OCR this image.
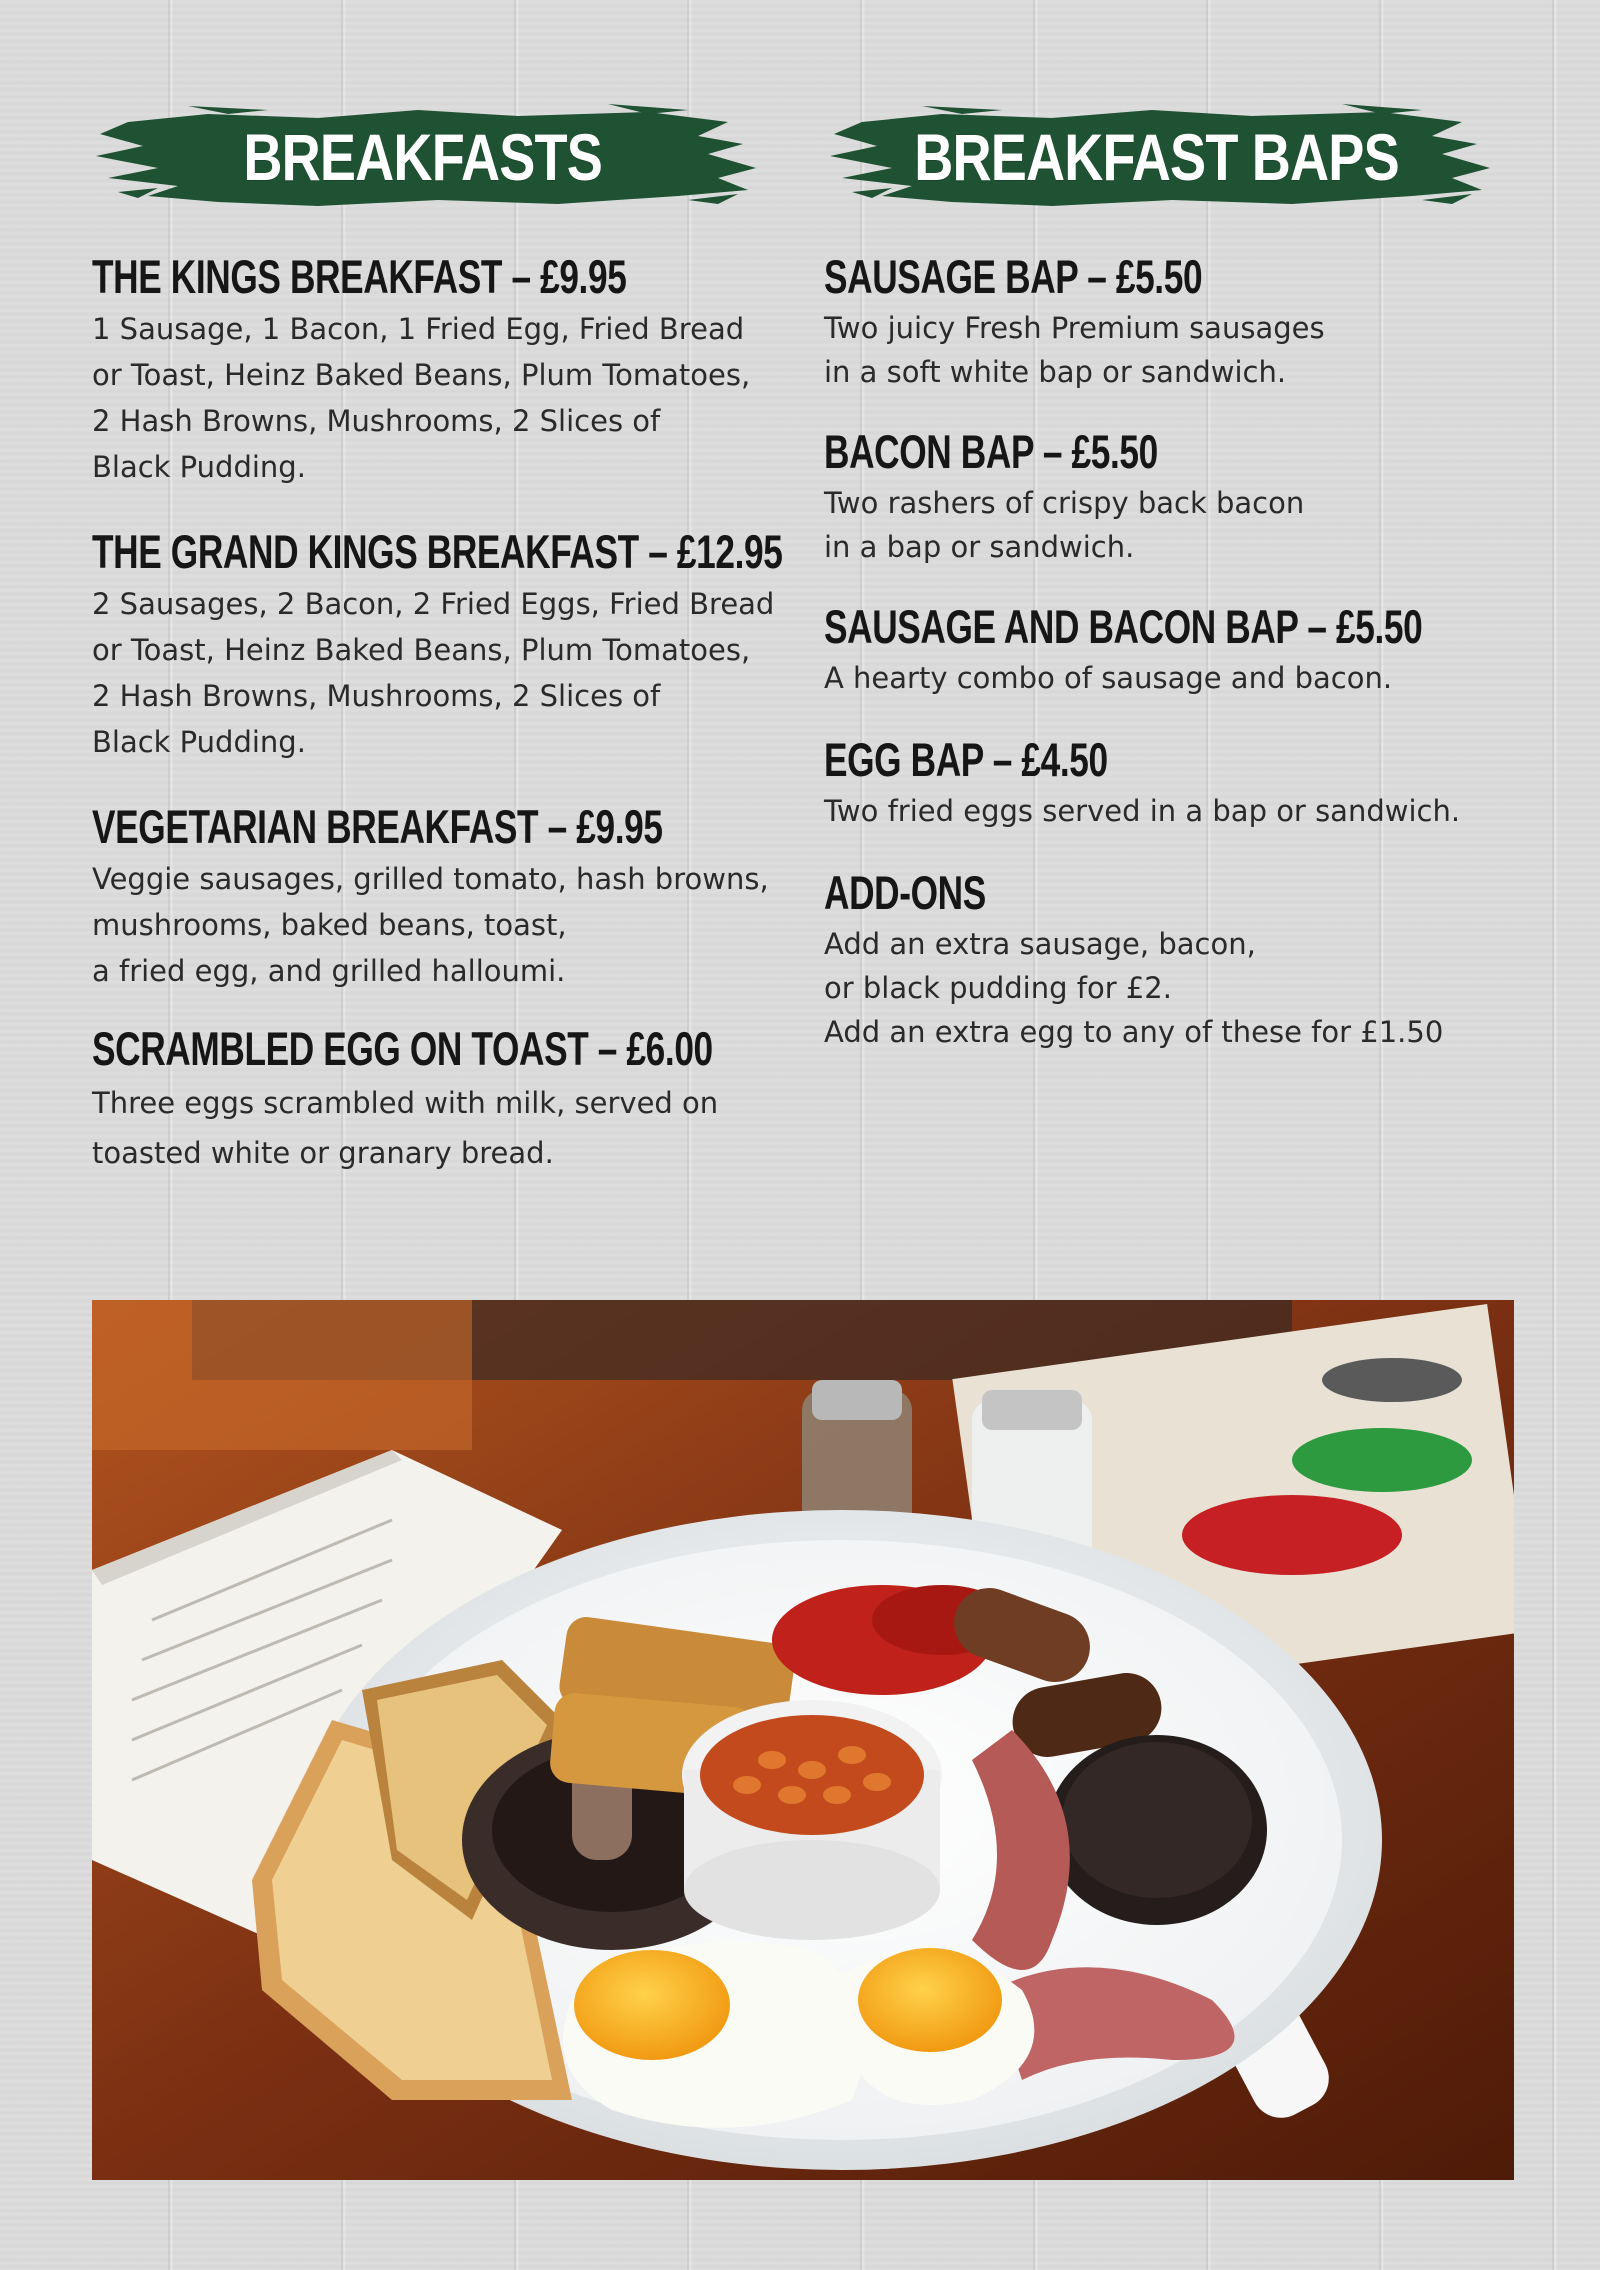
BREAKFASTS	BREAKFAST BAPS
THE KINGS BREAKFAST – £9.95
1 Sausage, 1 Bacon, 1 Fried Egg, Fried Bread
or Toast, Heinz Baked Beans, Plum Tomatoes,
2 Hash Browns, Mushrooms, 2 Slices of
Black Pudding.
THE GRAND KINGS BREAKFAST – £12.95
2 Sausages, 2 Bacon, 2 Fried Eggs, Fried Bread
or Toast, Heinz Baked Beans, Plum Tomatoes,
2 Hash Browns, Mushrooms, 2 Slices of
Black Pudding.
VEGETARIAN BREAKFAST – £9.95
Veggie sausages, grilled tomato, hash browns,
mushrooms, baked beans, toast,
a fried egg, and grilled halloumi.
SCRAMBLED EGG ON TOAST – £6.00
Three eggs scrambled with milk, served on
toasted white or granary bread.
SAUSAGE BAP – £5.50
Two juicy Fresh Premium sausages
in a soft white bap or sandwich.
BACON BAP – £5.50
Two rashers of crispy back bacon
in a bap or sandwich.
SAUSAGE AND BACON BAP – £5.50
A hearty combo of sausage and bacon.
EGG BAP – £4.50
Two fried eggs served in a bap or sandwich.
ADD-ONS
Add an extra sausage, bacon,
or black pudding for £2.
Add an extra egg to any of these for £1.50
